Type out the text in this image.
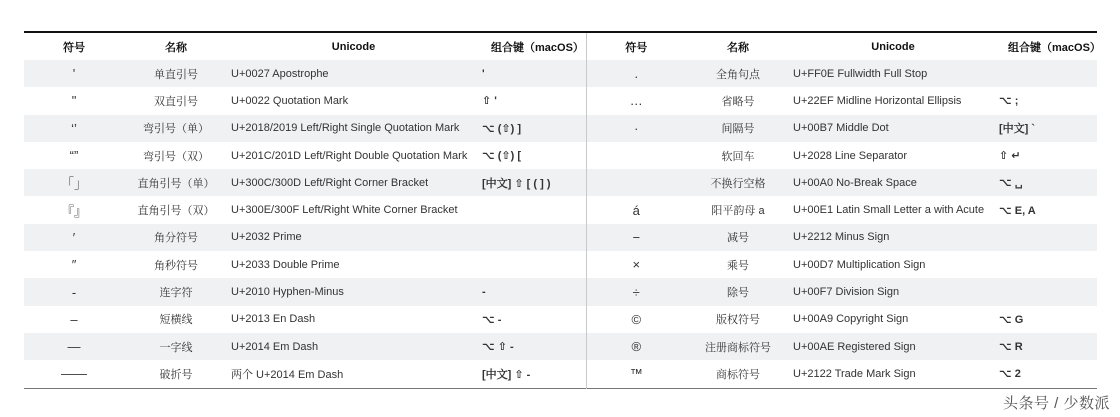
符号	名称	Unicode	组合键（macOS）	符号	名称	Unicode	组合键（macOS）
'	单直引号	U+0027 Apostrophe	'	.	全角句点	U+FF0E Fullwidth Full Stop	
"	双直引号	U+0022 Quotation Mark	⇧ '	…	省略号	U+22EF Midline Horizontal Ellipsis	⌥ ;
‘’	弯引号（单）	U+2018/2019 Left/Right Single Quotation Mark	⌥ (⇧) ]	·	间隔号	U+00B7 Middle Dot	[中文] `
“”	弯引号（双）	U+201C/201D Left/Right Double Quotation Mark	⌥ (⇧) [		软回车	U+2028 Line Separator	⇧ ↵
「」	直角引号（单）	U+300C/300D Left/Right Corner Bracket	[中文] ⇧ [ ( ] )		不换行空格	U+00A0 No-Break Space	⌥ ␣
『』	直角引号（双）	U+300E/300F Left/Right White Corner Bracket		á	阳平韵母 a	U+00E1 Latin Small Letter a with Acute	⌥ E, A
′	角分符号	U+2032 Prime		−	减号	U+2212 Minus Sign	
″	角秒符号	U+2033 Double Prime		×	乘号	U+00D7 Multiplication Sign	
-	连字符	U+2010 Hyphen-Minus	-	÷	除号	U+00F7 Division Sign	
–	短横线	U+2013 En Dash	⌥ -	©	版权符号	U+00A9 Copyright Sign	⌥ G
—	一字线	U+2014 Em Dash	⌥ ⇧ -	®	注册商标符号	U+00AE Registered Sign	⌥ R
——	破折号	两个 U+2014 Em Dash	[中文] ⇧ -	™	商标符号	U+2122 Trade Mark Sign	⌥ 2
头条号 / 少数派
